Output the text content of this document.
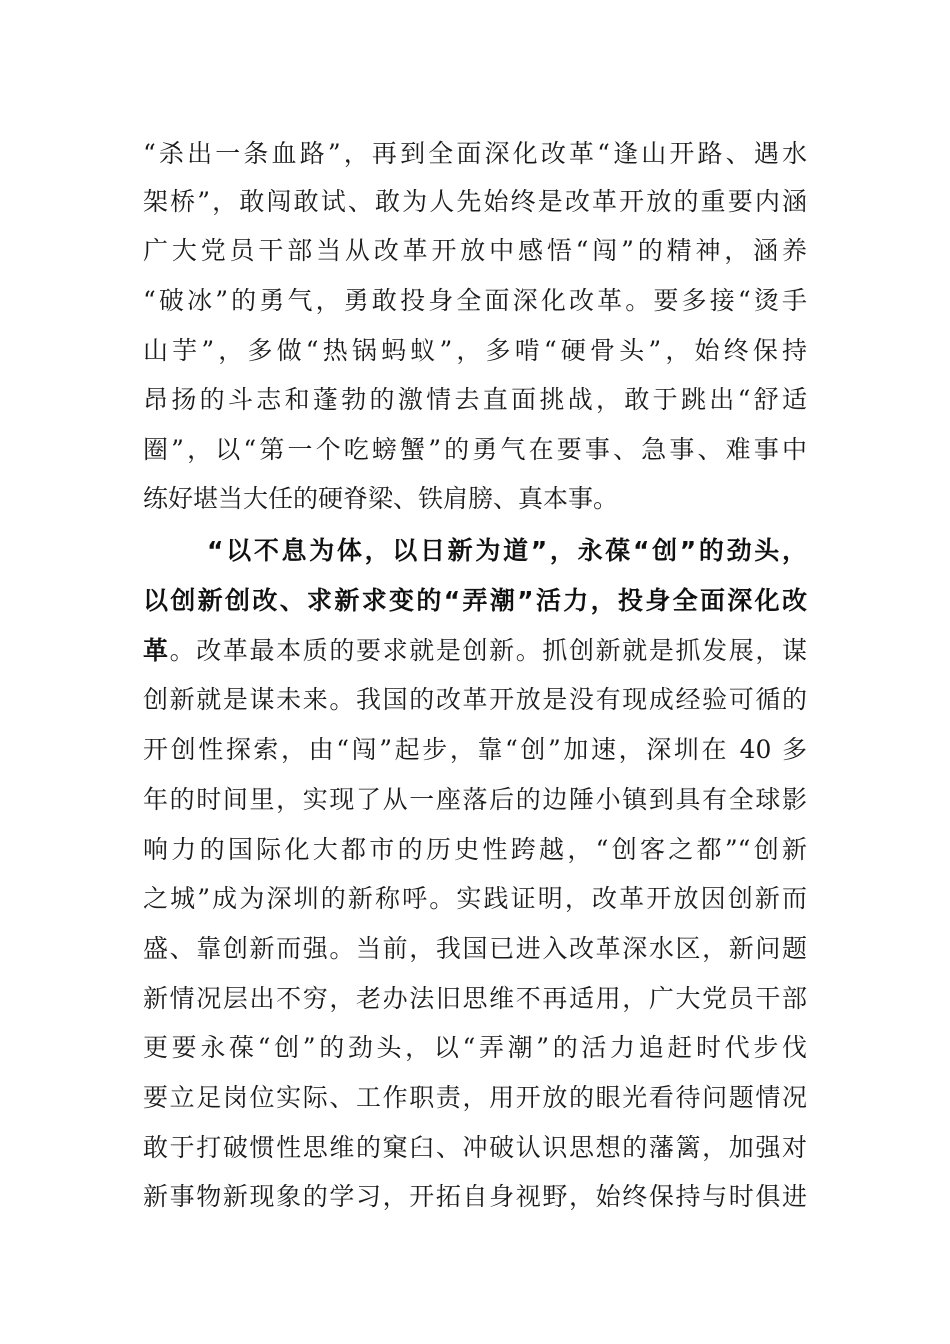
“杀出一条血路”，再到全面深化改革“逢山开路、遇水
架桥”，敢闯敢试、敢为人先始终是改革开放的重要内涵
广大党员干部当从改革开放中感悟“闯”的精神，涵养
“破冰”的勇气，勇敢投身全面深化改革。要多接“烫手
山芋”，多做“热锅蚂蚁”，多啃“硬骨头”，始终保持
昂扬的斗志和蓬勃的激情去直面挑战，敢于跳出“舒适
圈”，以“第一个吃螃蟹”的勇气在要事、急事、难事中
练好堪当大任的硬脊梁、铁肩膀、真本事。
“以不息为体，以日新为道”，永葆“创”的劲头，
以创新创改、求新求变的“弄潮”活力，投身全面深化改
革。改革最本质的要求就是创新。抓创新就是抓发展，谋
创新就是谋未来。我国的改革开放是没有现成经验可循的
开创性探索，由“闯”起步，靠“创”加速，深圳在 40 多
年的时间里，实现了从一座落后的边陲小镇到具有全球影
响力的国际化大都市的历史性跨越，“创客之都”“创新
之城”成为深圳的新称呼。实践证明，改革开放因创新而
盛、靠创新而强。当前，我国已进入改革深水区，新问题
新情况层出不穷，老办法旧思维不再适用，广大党员干部
更要永葆“创”的劲头，以“弄潮”的活力追赶时代步伐
要立足岗位实际、工作职责，用开放的眼光看待问题情况
敢于打破惯性思维的窠臼、冲破认识思想的藩篱，加强对
新事物新现象的学习，开拓自身视野，始终保持与时俱进
